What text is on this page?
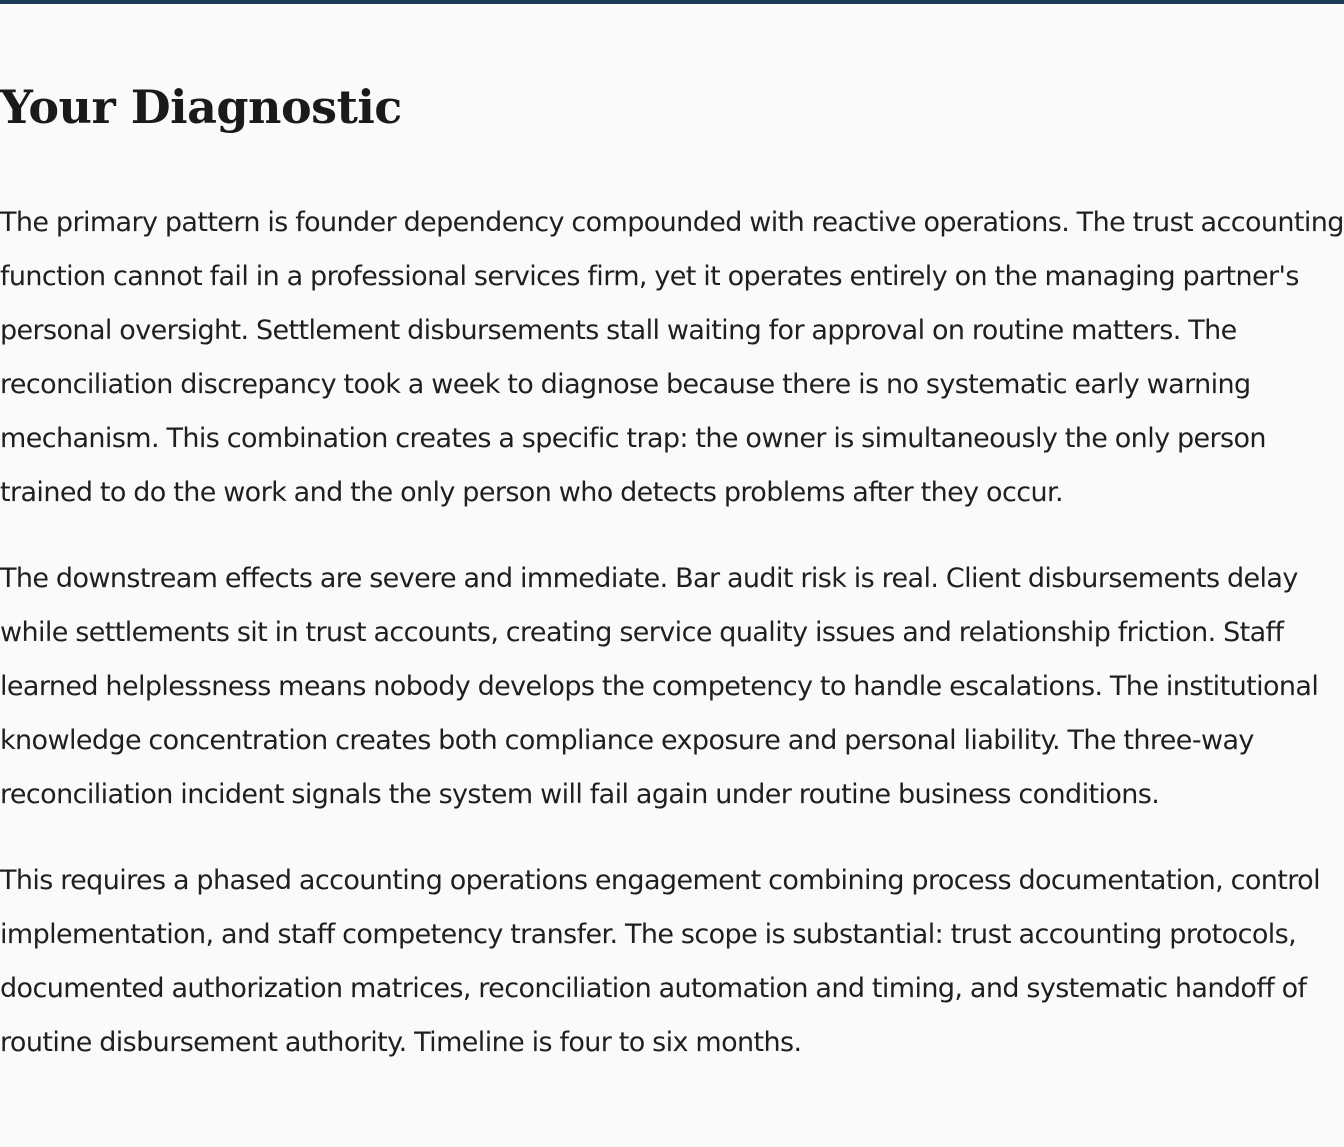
Your Diagnostic

The primary pattern is founder dependency compounded with reactive operations. The trust accounting function cannot fail in a professional services firm, yet it operates entirely on the managing partner's personal oversight. Settlement disbursements stall waiting for approval on routine matters. The reconciliation discrepancy took a week to diagnose because there is no systematic early warning mechanism. This combination creates a specific trap: the owner is simultaneously the only person trained to do the work and the only person who detects problems after they occur.

The downstream effects are severe and immediate. Bar audit risk is real. Client disbursements delay while settlements sit in trust accounts, creating service quality issues and relationship friction. Staff learned helplessness means nobody develops the competency to handle escalations. The institutional knowledge concentration creates both compliance exposure and personal liability. The three-way reconciliation incident signals the system will fail again under routine business conditions.

This requires a phased accounting operations engagement combining process documentation, control implementation, and staff competency transfer. The scope is substantial: trust accounting protocols, documented authorization matrices, reconciliation automation and timing, and systematic handoff of routine disbursement authority. Timeline is four to six months.
